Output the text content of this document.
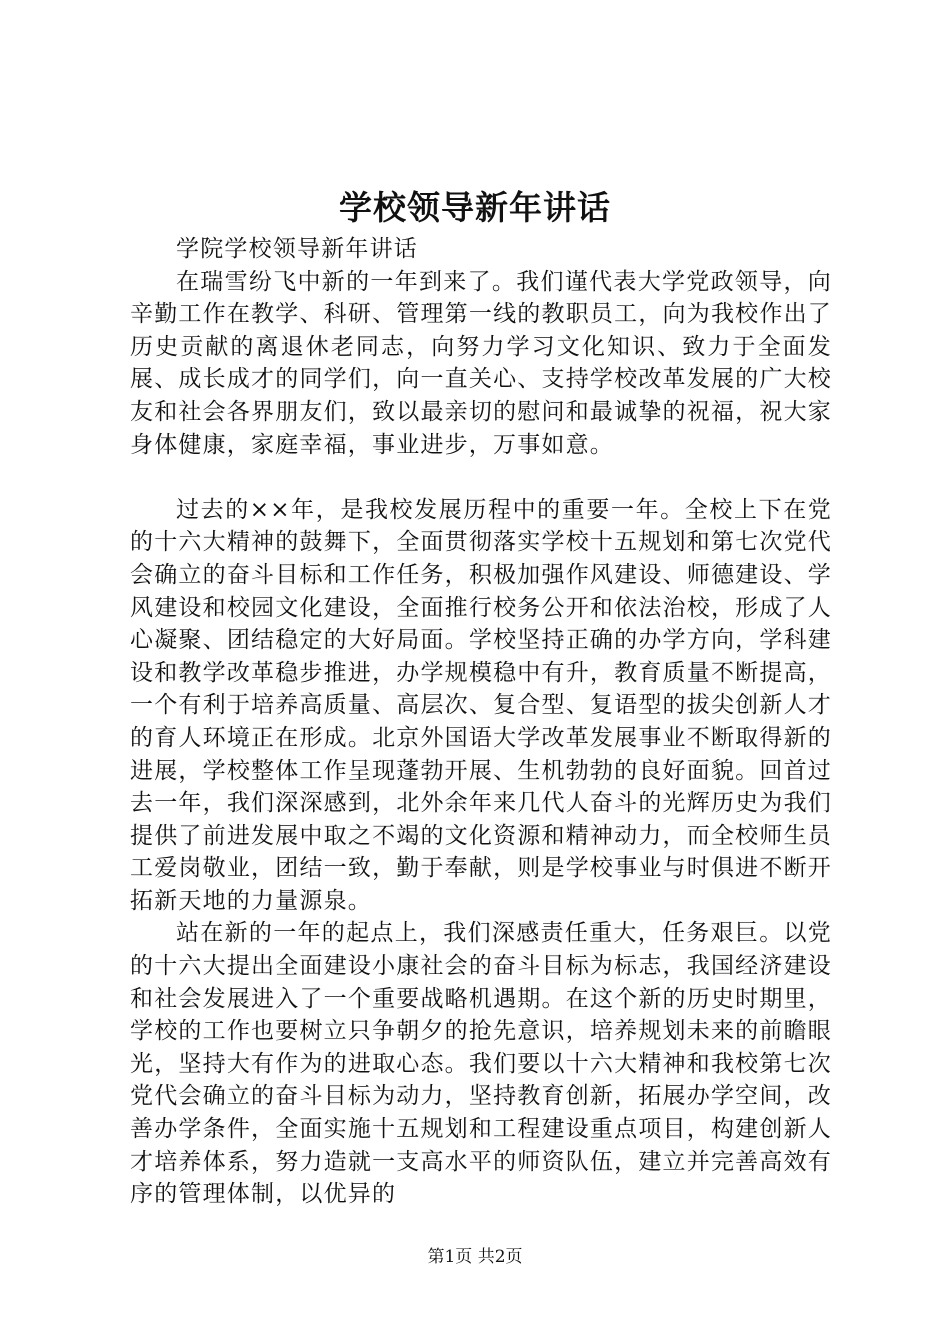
学校领导新年讲话

学院学校领导新年讲话

在瑞雪纷飞中新的一年到来了。我们谨代表大学党政领导，向辛勤工作在教学、科研、管理第一线的教职员工，向为我校作出了历史贡献的离退休老同志，向努力学习文化知识、致力于全面发展、成长成才的同学们，向一直关心、支持学校改革发展的广大校友和社会各界朋友们，致以最亲切的慰问和最诚挚的祝福，祝大家身体健康，家庭幸福，事业进步，万事如意。

过去的××年，是我校发展历程中的重要一年。全校上下在党的十六大精神的鼓舞下，全面贯彻落实学校十五规划和第七次党代会确立的奋斗目标和工作任务，积极加强作风建设、师德建设、学风建设和校园文化建设，全面推行校务公开和依法治校，形成了人心凝聚、团结稳定的大好局面。学校坚持正确的办学方向，学科建设和教学改革稳步推进，办学规模稳中有升，教育质量不断提高，一个有利于培养高质量、高层次、复合型、复语型的拔尖创新人才的育人环境正在形成。北京外国语大学改革发展事业不断取得新的进展，学校整体工作呈现蓬勃开展、生机勃勃的良好面貌。回首过去一年，我们深深感到，北外余年来几代人奋斗的光辉历史为我们提供了前进发展中取之不竭的文化资源和精神动力，而全校师生员工爱岗敬业，团结一致，勤于奉献，则是学校事业与时俱进不断开拓新天地的力量源泉。

站在新的一年的起点上，我们深感责任重大，任务艰巨。以党的十六大提出全面建设小康社会的奋斗目标为标志，我国经济建设和社会发展进入了一个重要战略机遇期。在这个新的历史时期里，学校的工作也要树立只争朝夕的抢先意识，培养规划未来的前瞻眼光，坚持大有作为的进取心态。我们要以十六大精神和我校第七次党代会确立的奋斗目标为动力，坚持教育创新，拓展办学空间，改善办学条件，全面实施十五规划和工程建设重点项目，构建创新人才培养体系，努力造就一支高水平的师资队伍，建立并完善高效有序的管理体制，以优异的

第1页 共2页
